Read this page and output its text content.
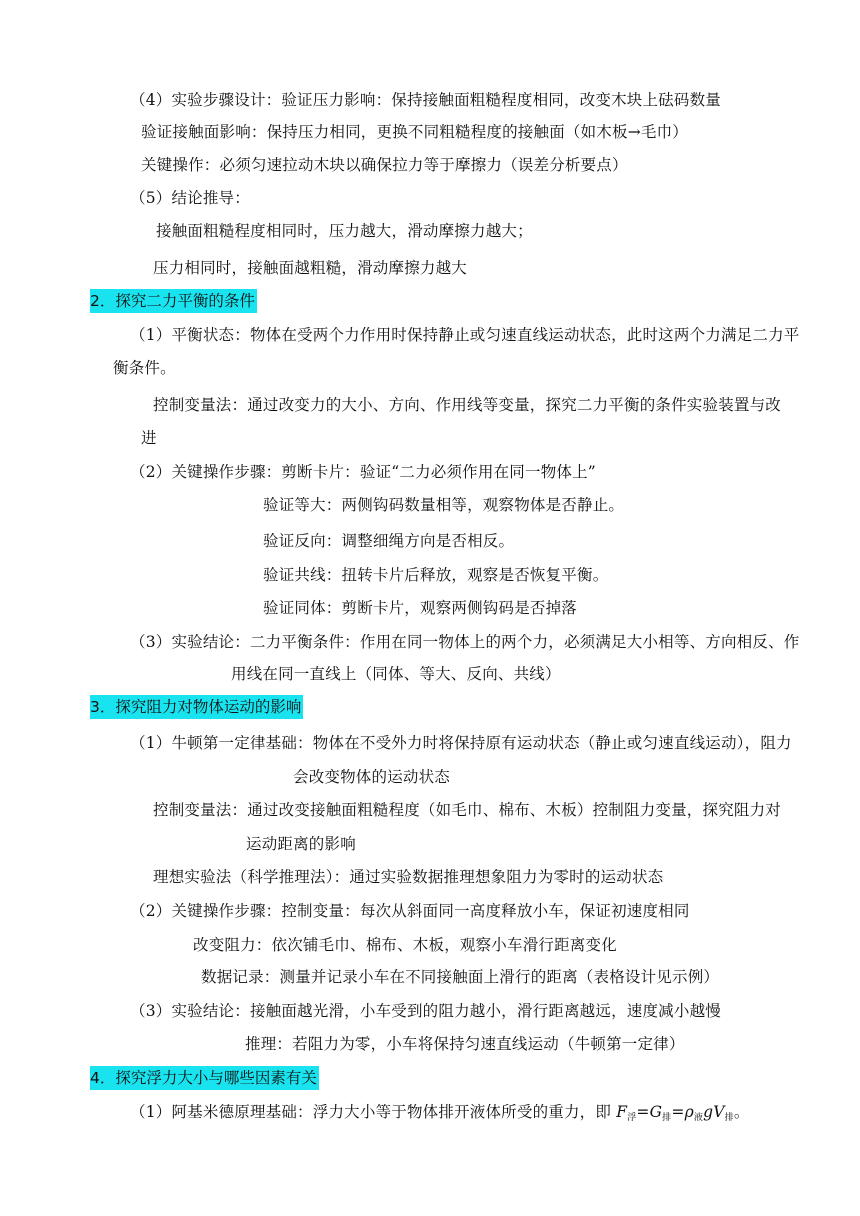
（4）实验步骤设计：验证压力影响：保持接触面粗糙程度相同，改变木块上砝码数量
验证接触面影响：保持压力相同，更换不同粗糙程度的接触面（如木板→毛巾）
关键操作：必须匀速拉动木块以确保拉力等于摩擦力（误差分析要点）
（5）结论推导：
接触面粗糙程度相同时，压力越大，滑动摩擦力越大；
压力相同时，接触面越粗糙，滑动摩擦力越大
2．探究二力平衡的条件
（1）平衡状态：物体在受两个力作用时保持静止或匀速直线运动状态，此时这两个力满足二力平
衡条件。
控制变量法：通过改变力的大小、方向、作用线等变量，探究二力平衡的条件实验装置与改
进
（2）关键操作步骤：剪断卡片：验证“二力必须作用在同一物体上”
验证等大：两侧钩码数量相等，观察物体是否静止。
验证反向：调整细绳方向是否相反。
验证共线：扭转卡片后释放，观察是否恢复平衡。
验证同体：剪断卡片，观察两侧钩码是否掉落
（3）实验结论：二力平衡条件：作用在同一物体上的两个力，必须满足大小相等、方向相反、作
用线在同一直线上（同体、等大、反向、共线）
3．探究阻力对物体运动的影响
（1）牛顿第一定律基础：物体在不受外力时将保持原有运动状态（静止或匀速直线运动），阻力
会改变物体的运动状态
控制变量法：通过改变接触面粗糙程度（如毛巾、棉布、木板）控制阻力变量，探究阻力对
运动距离的影响
理想实验法（科学推理法）：通过实验数据推理想象阻力为零时的运动状态
（2）关键操作步骤：控制变量：每次从斜面同一高度释放小车，保证初速度相同
改变阻力：依次铺毛巾、棉布、木板，观察小车滑行距离变化
数据记录：测量并记录小车在不同接触面上滑行的距离（表格设计见示例）
（3）实验结论：接触面越光滑，小车受到的阻力越小，滑行距离越远，速度减小越慢
推理：若阻力为零，小车将保持匀速直线运动（牛顿第一定律）
4．探究浮力大小与哪些因素有关
（1）阿基米德原理基础：浮力大小等于物体排开液体所受的重力，即 $F_浮=G_排=\rho_液gV_排$。
